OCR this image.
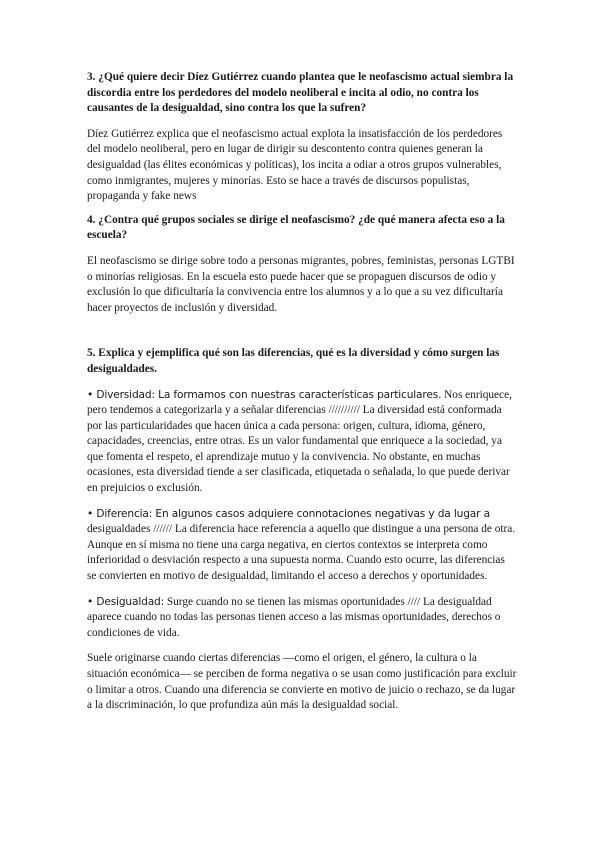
3. ¿Qué quiere decir Díez Gutiérrez cuando plantea que le neofascismo actual siembra la discordia entre los perdedores del modelo neoliberal e incita al odio, no contra los causantes de la desigualdad, sino contra los que la sufren?

Díez Gutiérrez explica que el neofascismo actual explota la insatisfacción de los perdedores del modelo neoliberal, pero en lugar de dirigir su descontento contra quienes generan la desigualdad (las élites económicas y políticas), los incita a odiar a otros grupos vulnerables, como inmigrantes, mujeres y minorías. Esto se hace a través de discursos populistas, propaganda y fake news

4. ¿Contra qué grupos sociales se dirige el neofascismo? ¿de qué manera afecta eso a la escuela?

El neofascismo se dirige sobre todo a personas migrantes, pobres, feministas, personas LGTBI o minorías religiosas. En la escuela esto puede hacer que se propaguen discursos de odio y exclusión lo que dificultaría la convivencia entre los alumnos y a lo que a su vez dificultaría hacer proyectos de inclusión y diversidad.

5. Explica y ejemplifica qué son las diferencias, qué es la diversidad y cómo surgen las desigualdades.

• Diversidad: La formamos con nuestras características particulares. Nos enriquece, pero tendemos a categorizarla y a señalar diferencias ////////// La diversidad está conformada por las particularidades que hacen única a cada persona: origen, cultura, idioma, género, capacidades, creencias, entre otras. Es un valor fundamental que enriquece a la sociedad, ya que fomenta el respeto, el aprendizaje mutuo y la convivencia. No obstante, en muchas ocasiones, esta diversidad tiende a ser clasificada, etiquetada o señalada, lo que puede derivar en prejuicios o exclusión.

• Diferencia: En algunos casos adquiere connotaciones negativas y da lugar a desigualdades ////// La diferencia hace referencia a aquello que distingue a una persona de otra. Aunque en sí misma no tiene una carga negativa, en ciertos contextos se interpreta como inferioridad o desviación respecto a una supuesta norma. Cuando esto ocurre, las diferencias se convierten en motivo de desigualdad, limitando el acceso a derechos y oportunidades.

• Desigualdad: Surge cuando no se tienen las mismas oportunidades //// La desigualdad aparece cuando no todas las personas tienen acceso a las mismas oportunidades, derechos o condiciones de vida.

Suele originarse cuando ciertas diferencias —como el origen, el género, la cultura o la situación económica— se perciben de forma negativa o se usan como justificación para excluir o limitar a otros. Cuando una diferencia se convierte en motivo de juicio o rechazo, se da lugar a la discriminación, lo que profundiza aún más la desigualdad social.
